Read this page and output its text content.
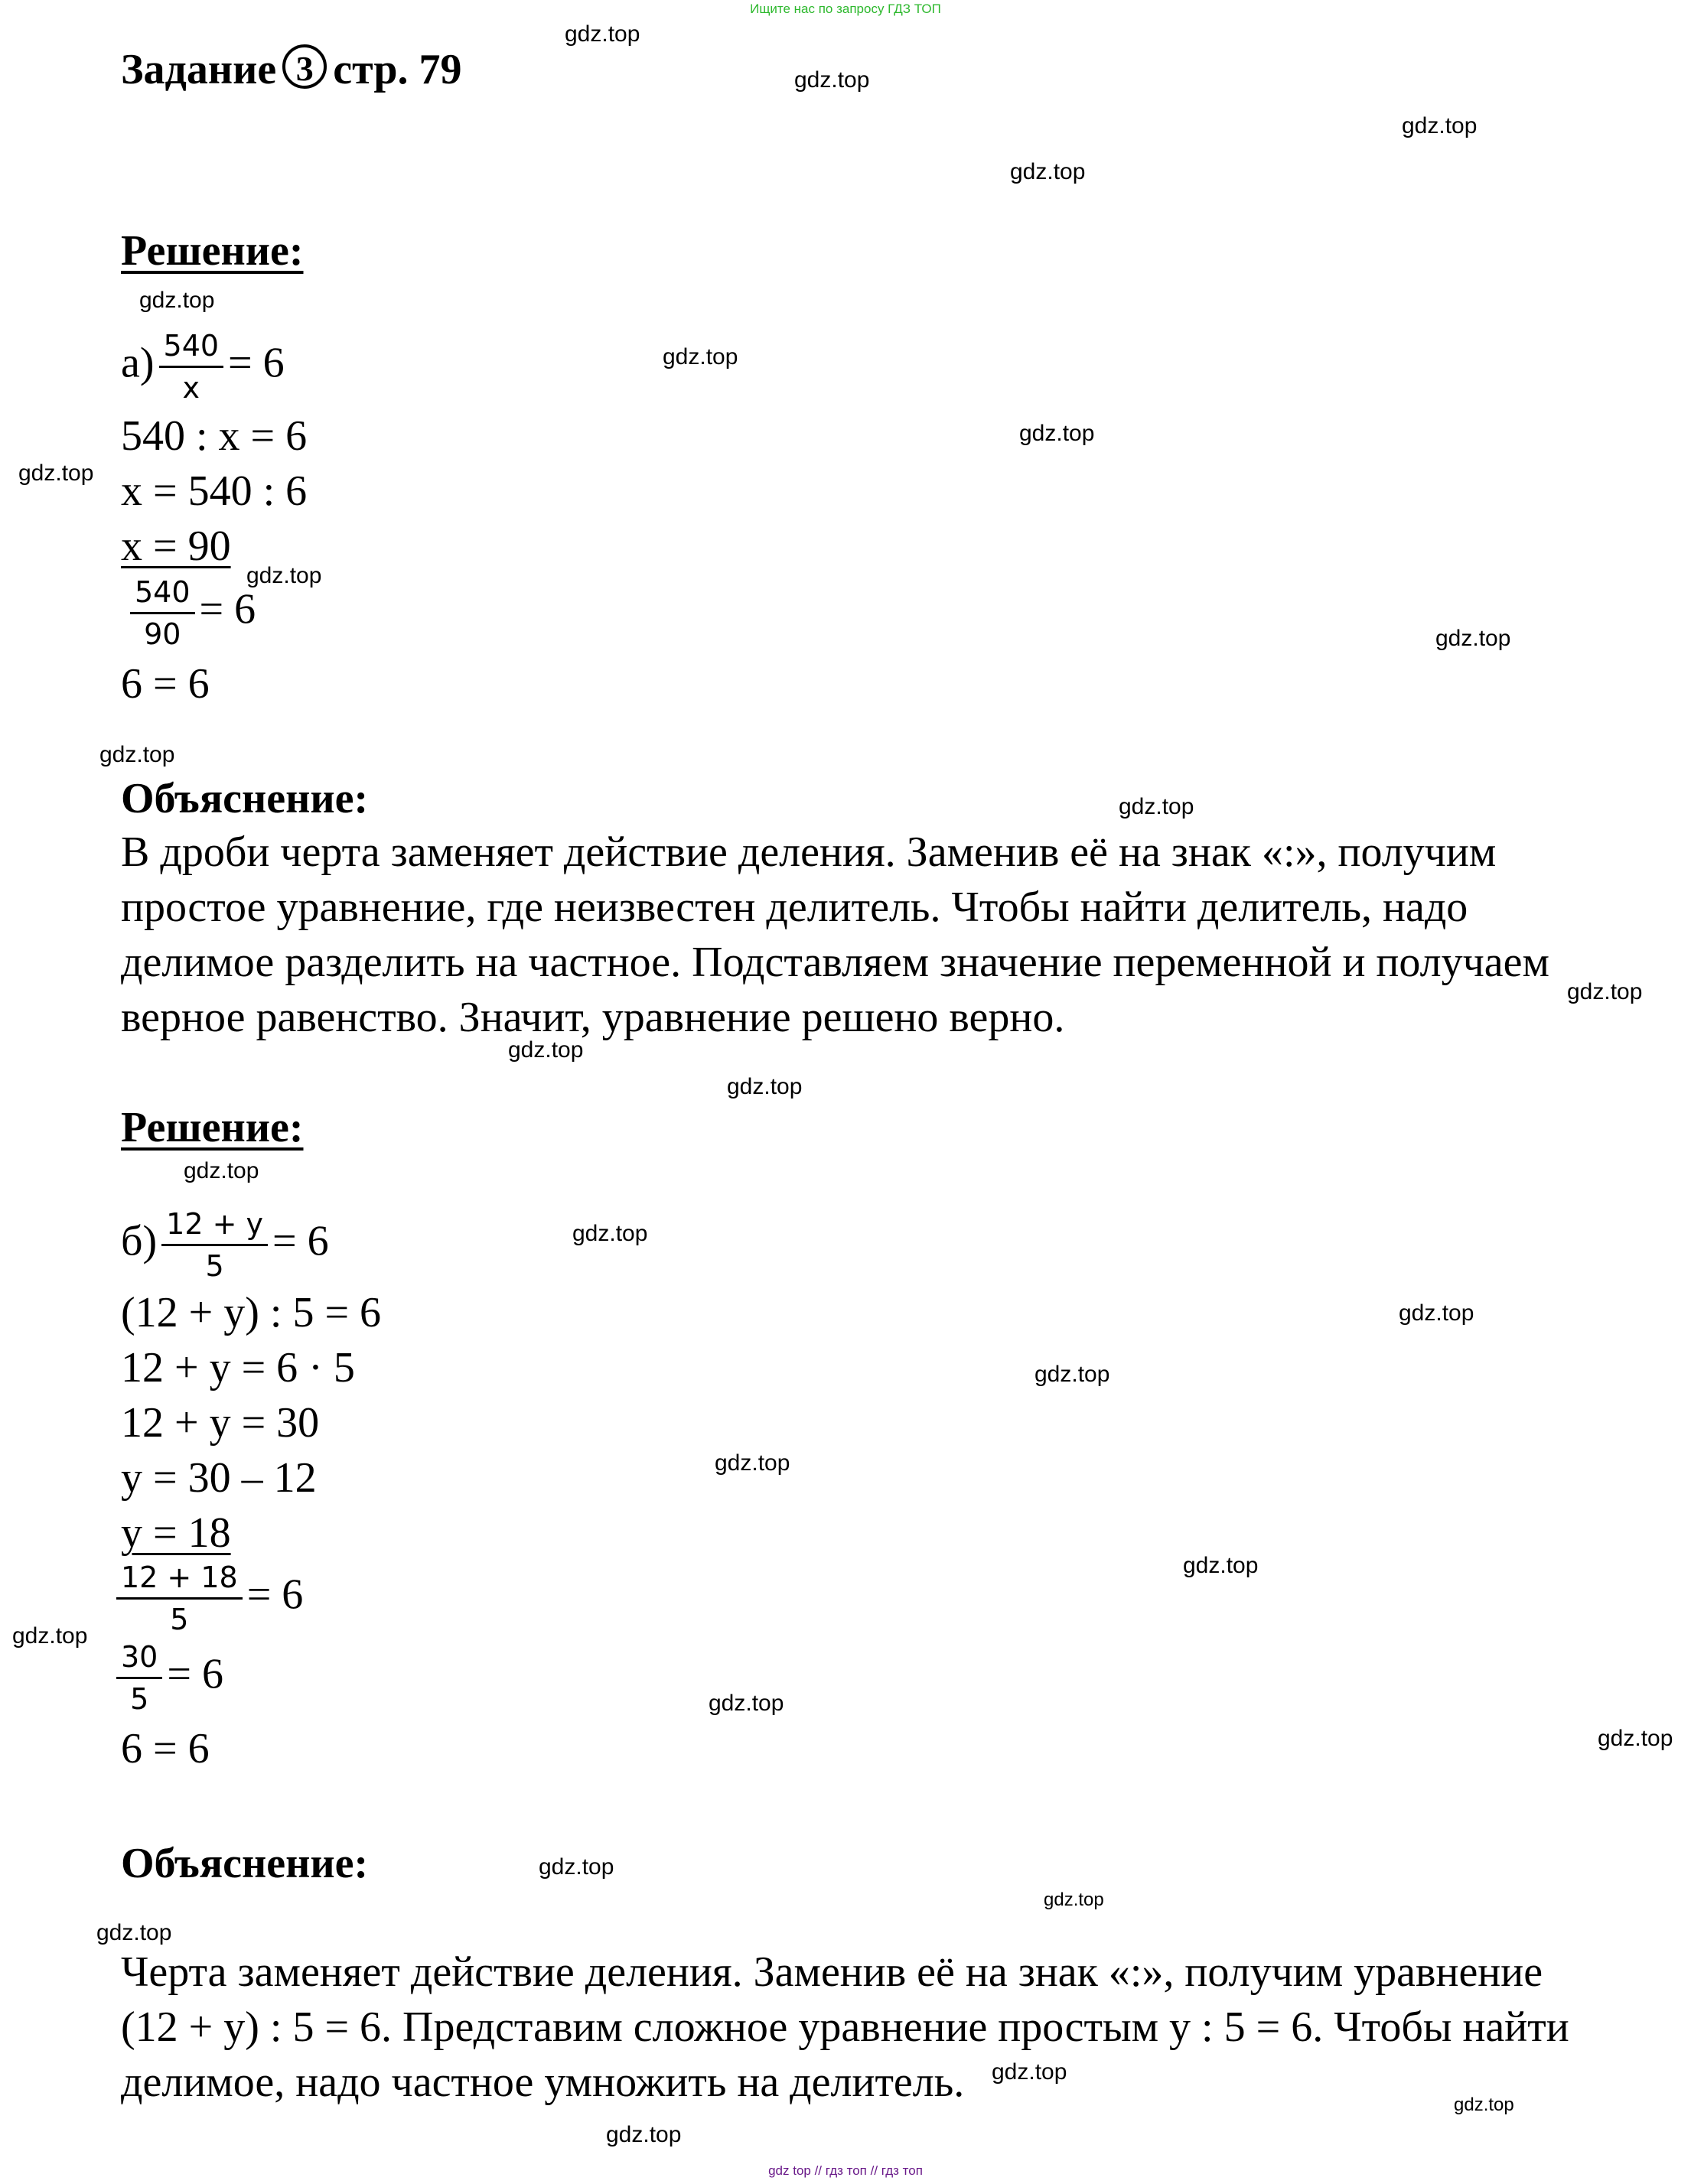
Ищите нас по запросу ГДЗ ТОП
Задание 3 стр. 79
Решение:
$а) \frac{540}{x} = 6$
540 : x = 6
x = 540 : 6
x = 90
$\frac{540}{90} = 6$
6 = 6
Объяснение:
В дроби черта заменяет действие деления. Заменив её на знак «:», получим
простое уравнение, где неизвестен делитель. Чтобы найти делитель, надо
делимое разделить на частное. Подставляем значение переменной и получаем
верное равенство. Значит, уравнение решено верно.
Решение:
$б) \frac{12 + y}{5} = 6$
(12 + y) : 5 = 6
12 + y = 6 · 5
12 + y = 30
y = 30 – 12
y = 18
$\frac{12 + 18}{5} = 6$
$\frac{30}{5} = 6$
6 = 6
Объяснение:
Черта заменяет действие деления. Заменив её на знак «:», получим уравнение
(12 + y) : 5 = 6. Представим сложное уравнение простым y : 5 = 6. Чтобы найти
делимое, надо частное умножить на делитель.
gdz.top
gdz.top
gdz.top
gdz.top
gdz.top
gdz.top
gdz.top
gdz.top
gdz.top
gdz.top
gdz.top
gdz.top
gdz.top
gdz.top
gdz.top
gdz.top
gdz.top
gdz.top
gdz.top
gdz.top
gdz.top
gdz.top
gdz.top
gdz.top
gdz.top
gdz.top
gdz.top
gdz.top
gdz.top
gdz.top
gdz top // гдз топ // гдз топ
